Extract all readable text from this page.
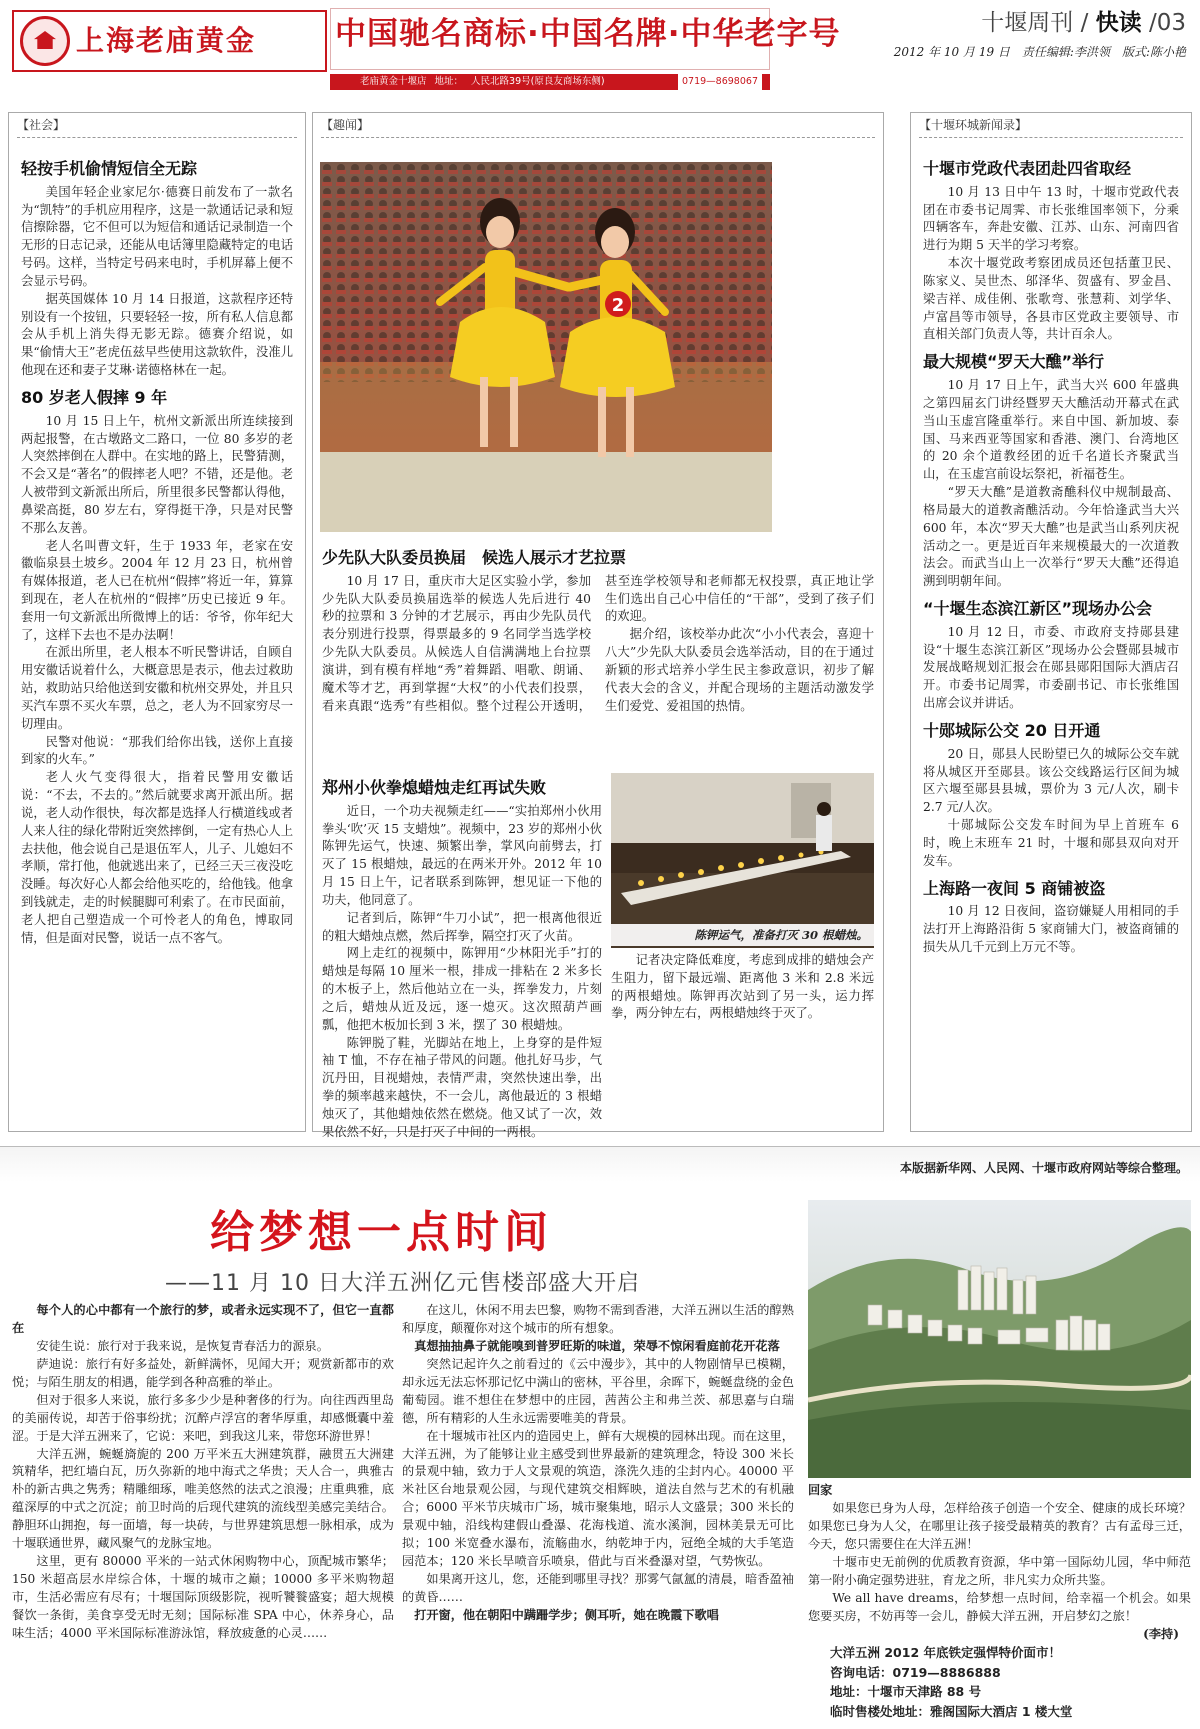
上海老庙黄金	中国驰名商标·中国名牌·中华老字号
老庙黄金十堰店 地址： 人民北路39号(原良友商场东侧)	0719—8698067
十堰周刊 / 快读 /03
2012 年 10 月 19 日　责任编辑:李洪领　版式:陈小艳
【社会】
轻按手机偷情短信全无踪

美国年轻企业家尼尔·德赛日前发布了一款名为“凯特”的手机应用程序，这是一款通话记录和短信擦除器，它不但可以为短信和通话记录制造一个无形的日志记录，还能从电话簿里隐藏特定的电话号码。这样，当特定号码来电时，手机屏幕上便不会显示号码。

据英国媒体 10 月 14 日报道，这款程序还特别设有一个按钮，只要轻轻一按，所有私人信息都会从手机上消失得无影无踪。德赛介绍说，如果“偷情大王”老虎伍兹早些使用这款软件，没准儿他现在还和妻子艾琳·诺德格林在一起。

80 岁老人假摔 9 年

10 月 15 日上午，杭州文新派出所连续接到两起报警，在古墩路文二路口，一位 80 多岁的老人突然摔倒在人群中。在实地的路上，民警猜测，不会又是“著名”的假摔老人吧？不错，还是他。老人被带到文新派出所后，所里很多民警都认得他，鼻梁高挺，80 岁左右，穿得挺干净，只是对民警不那么友善。

老人名叫曹文轩，生于 1933 年，老家在安徽临泉县土坡乡。2004 年 12 月 23 日，杭州曾有媒体报道，老人已在杭州“假摔”将近一年，算算到现在，老人在杭州的“假摔”历史已接近 9 年。套用一句文新派出所微博上的话：爷爷，你年纪大了，这样下去也不是办法啊！

在派出所里，老人根本不听民警讲话，自顾自用安徽话说着什么，大概意思是表示，他去过救助站，救助站只给他送到安徽和杭州交界处，并且只买汽车票不买火车票，总之，老人为不回家穷尽一切理由。

民警对他说：“那我们给你出钱，送你上直接到家的火车。”

老人火气变得很大，指着民警用安徽话说：“不去，不去的。”然后就要求离开派出所。据说，老人动作很快，每次都是选择人行横道线或者人来人往的绿化带附近突然摔倒，一定有热心人上去扶他，他会说自己是退伍军人，儿子、儿媳妇不孝顺，常打他，他就逃出来了，已经三天三夜没吃没睡。每次好心人都会给他买吃的，给他钱。他拿到钱就走，走的时候腿脚可利索了。在市民面前，老人把自己塑造成一个可怜老人的角色，博取同情，但是面对民警，说话一点不客气。

【趣闻】
2
少先队大队委员换届　候选人展示才艺拉票

10 月 17 日，重庆市大足区实验小学，参加少先队大队委员换届选举的候选人先后进行 40 秒的拉票和 3 分钟的才艺展示，再由少先队员代表分别进行投票，得票最多的 9 名同学当选学校少先队大队委员。从候选人自信满满地上台拉票演讲，到有模有样地“秀”着舞蹈、唱歌、朗诵、魔术等才艺，再到掌握“大权”的小代表们投票，看来真跟“选秀”有些相似。整个过程公开透明，甚至连学校领导和老师都无权投票，真正地让学生们选出自己心中信任的“干部”，受到了孩子们的欢迎。

据介绍，该校举办此次“小小代表会，喜迎十八大”少先队大队委员会选举活动，目的在于通过新颖的形式培养小学生民主参政意识，初步了解代表大会的含义，并配合现场的主题活动激发学生们爱党、爱祖国的热情。

郑州小伙拳熄蜡烛走红再试失败

近日，一个功夫视频走红——“实拍郑州小伙用拳头‘吹’灭 15 支蜡烛”。视频中，23 岁的郑州小伙陈钾先运气，快速、频繁出拳，掌风向前劈去，打灭了 15 根蜡烛，最远的在两米开外。2012 年 10 月 15 日上午，记者联系到陈钾，想见证一下他的功夫，他同意了。

记者到后，陈钾“牛刀小试”，把一根离他很近的粗大蜡烛点燃，然后挥拳，隔空打灭了火苗。

网上走红的视频中，陈钾用“少林阳光手”打的蜡烛是每隔 10 厘米一根，排成一排粘在 2 米多长的木板子上，然后他站立在一头，挥拳发力，片刻之后，蜡烛从近及远，逐一熄灭。这次照葫芦画瓢，他把木板加长到 3 米，摆了 30 根蜡烛。

陈钾脱了鞋，光脚站在地上，上身穿的是件短袖 T 恤，不存在袖子带风的问题。他扎好马步，气沉丹田，目视蜡烛，表情严肃，突然快速出拳，出拳的频率越来越快，不一会儿，离他最近的 3 根蜡烛灭了，其他蜡烛依然在燃烧。他又试了一次，效果依然不好，只是打灭了中间的一两根。

陈钾运气，准备打灭 30 根蜡烛。

记者决定降低难度，考虑到成排的蜡烛会产生阻力，留下最远端、距离他 3 米和 2.8 米远的两根蜡烛。陈钾再次站到了另一头，运力挥拳，两分钟左右，两根蜡烛终于灭了。

【十堰环城新闻录】
十堰市党政代表团赴四省取经

10 月 13 日中午 13 时，十堰市党政代表团在市委书记周霁、市长张维国率领下，分乘四辆客车，奔赴安徽、江苏、山东、河南四省进行为期 5 天半的学习考察。

本次十堰党政考察团成员还包括董卫民、陈家义、吴世杰、邬泽华、贺盛有、罗金昌、梁吉祥、成佳俐、张歌弯、张慧莉、刘学华、卢富昌等市领导，各县市区党政主要领导、市直相关部门负责人等，共计百余人。

最大规模“罗天大醮”举行

10 月 17 日上午，武当大兴 600 年盛典之第四届玄门讲经暨罗天大醮活动开幕式在武当山玉虚宫隆重举行。来自中国、新加坡、泰国、马来西亚等国家和香港、澳门、台湾地区的 20 余个道教经团的近千名道长齐聚武当山，在玉虚宫前设坛祭祀，祈福苍生。

“罗天大醮”是道教斋醮科仪中规制最高、格局最大的道教斋醮活动。今年恰逢武当大兴 600 年，本次“罗天大醮”也是武当山系列庆祝活动之一。更是近百年来规模最大的一次道教法会。而武当山上一次举行“罗天大醮”还得追溯到明朝年间。

“十堰生态滨江新区”现场办公会

10 月 12 日，市委、市政府支持郧县建设“十堰生态滨江新区”现场办公会暨郧县城市发展战略规划汇报会在郧县郧阳国际大酒店召开。市委书记周霁，市委副书记、市长张维国出席会议并讲话。

十郧城际公交 20 日开通

20 日，郧县人民盼望已久的城际公交车就将从城区开至郧县。该公交线路运行区间为城区六堰至郧县县城，票价为 3 元/人次，刷卡 2.7 元/人次。

十郧城际公交发车时间为早上首班车 6 时，晚上末班车 21 时，十堰和郧县双向对开发车。

上海路一夜间 5 商铺被盗

10 月 12 日夜间，盗窃嫌疑人用相同的手法打开上海路沿街 5 家商铺大门，被盗商铺的损失从几千元到上万元不等。

本版据新华网、人民网、十堰市政府网站等综合整理。
给梦想一点时间
——11 月 10 日大洋五洲亿元售楼部盛大开启

每个人的心中都有一个旅行的梦，或者永远实现不了，但它一直都在

安徒生说：旅行对于我来说，是恢复青春活力的源泉。

萨迪说：旅行有好多益处，新鲜满怀，见闻大开；观赏新都市的欢悦；与陌生朋友的相遇，能学到各种高雅的举止。

但对于很多人来说，旅行多多少少是种奢侈的行为。向往西西里岛的美丽传说，却苦于俗事纷扰；沉醉卢浮宫的奢华厚重，却感慨囊中羞涩。于是大洋五洲来了，它说：来吧，到我这儿来，带您环游世界！

大洋五洲，蜿蜒旖旎的 200 万平米五大洲建筑群，融贯五大洲建筑精华，把红墙白瓦，历久弥新的地中海式之华贵；天人合一，典雅古朴的新古典之隽秀；精雕细琢，唯美悠然的法式之浪漫；庄重典雅，底蕴深厚的中式之沉淀；前卫时尚的后现代建筑的流线型美感完美结合。静胆环山拥抱，每一面墙，每一块砖，与世界建筑思想一脉相承，成为十堰联通世界，藏风聚气的龙脉宝地。

这里，更有 80000 平米的一站式休闲购物中心，顶配城市繁华；150 米超高层水岸综合体，十堰的城市之巅；10000 多平米购物超市，生活必需应有尽有；十堰国际顶级影院，视听饕餮盛宴；超大规模餐饮一条街，美食享受无时无刻；国际标准 SPA 中心，休养身心，品味生活；4000 平米国际标准游泳馆，释放疲惫的心灵……

在这儿，休闲不用去巴黎，购物不需到香港，大洋五洲以生活的醇熟和厚度，颠覆你对这个城市的所有想象。

真想抽抽鼻子就能嗅到普罗旺斯的味道，荣辱不惊闲看庭前花开花落

突然记起许久之前看过的《云中漫步》，其中的人物剧情早已模糊，却永远无法忘怀那记忆中满山的密林，平谷里，余晖下，蜿蜒盘绕的金色葡萄园。谁不想住在梦想中的庄园，茜茜公主和弗兰茨、郝思嘉与白瑞德，所有精彩的人生永远需要唯美的背景。

在十堰城市社区内的造园史上，鲜有大规模的园林出现。而在这里，大洋五洲，为了能够让业主感受到世界最新的建筑理念，特设 300 米长的景观中轴，致力于人文景观的筑造，涤洗久违的尘封内心。40000 平米社区台地景观公园，与现代建筑交相辉映，道法自然与艺术的有机融合；6000 平米节庆城市广场，城市聚集地，昭示人文盛景；300 米长的景观中轴，沿线构建假山叠瀑、花海栈道、流水溪涧，园林美景无可比拟；100 米宽叠水瀑布，流觞曲水，纳乾坤于内，冠绝全城的大手笔造园范本；120 米长旱喷音乐喷泉，借此与百米叠瀑对望，气势恢弘。

如果离开这儿，您，还能到哪里寻找？那雾气氤氲的清晨，暗香盈袖的黄昏……

打开窗，他在朝阳中蹒跚学步；侧耳听，她在晚霞下歌唱

回家

如果您已身为人母，怎样给孩子创造一个安全、健康的成长环境？如果您已身为人父，在哪里让孩子接受最精英的教育？古有孟母三迁，今天，您只需要住在大洋五洲！

十堰市史无前例的优质教育资源，华中第一国际幼儿园，华中师范第一附小确定强势进驻，育龙之所，非凡实力众所共鉴。

We all have dreams，给梦想一点时间，给幸福一个机会。如果您要买房，不妨再等一会儿，静候大洋五洲，开启梦幻之旅！

(李持)
大洋五洲 2012 年底铁定强悍特价面市！
咨询电话：0719—8886888
地址：十堰市天津路 88 号
临时售楼处地址：雅阁国际大酒店 1 楼大堂
